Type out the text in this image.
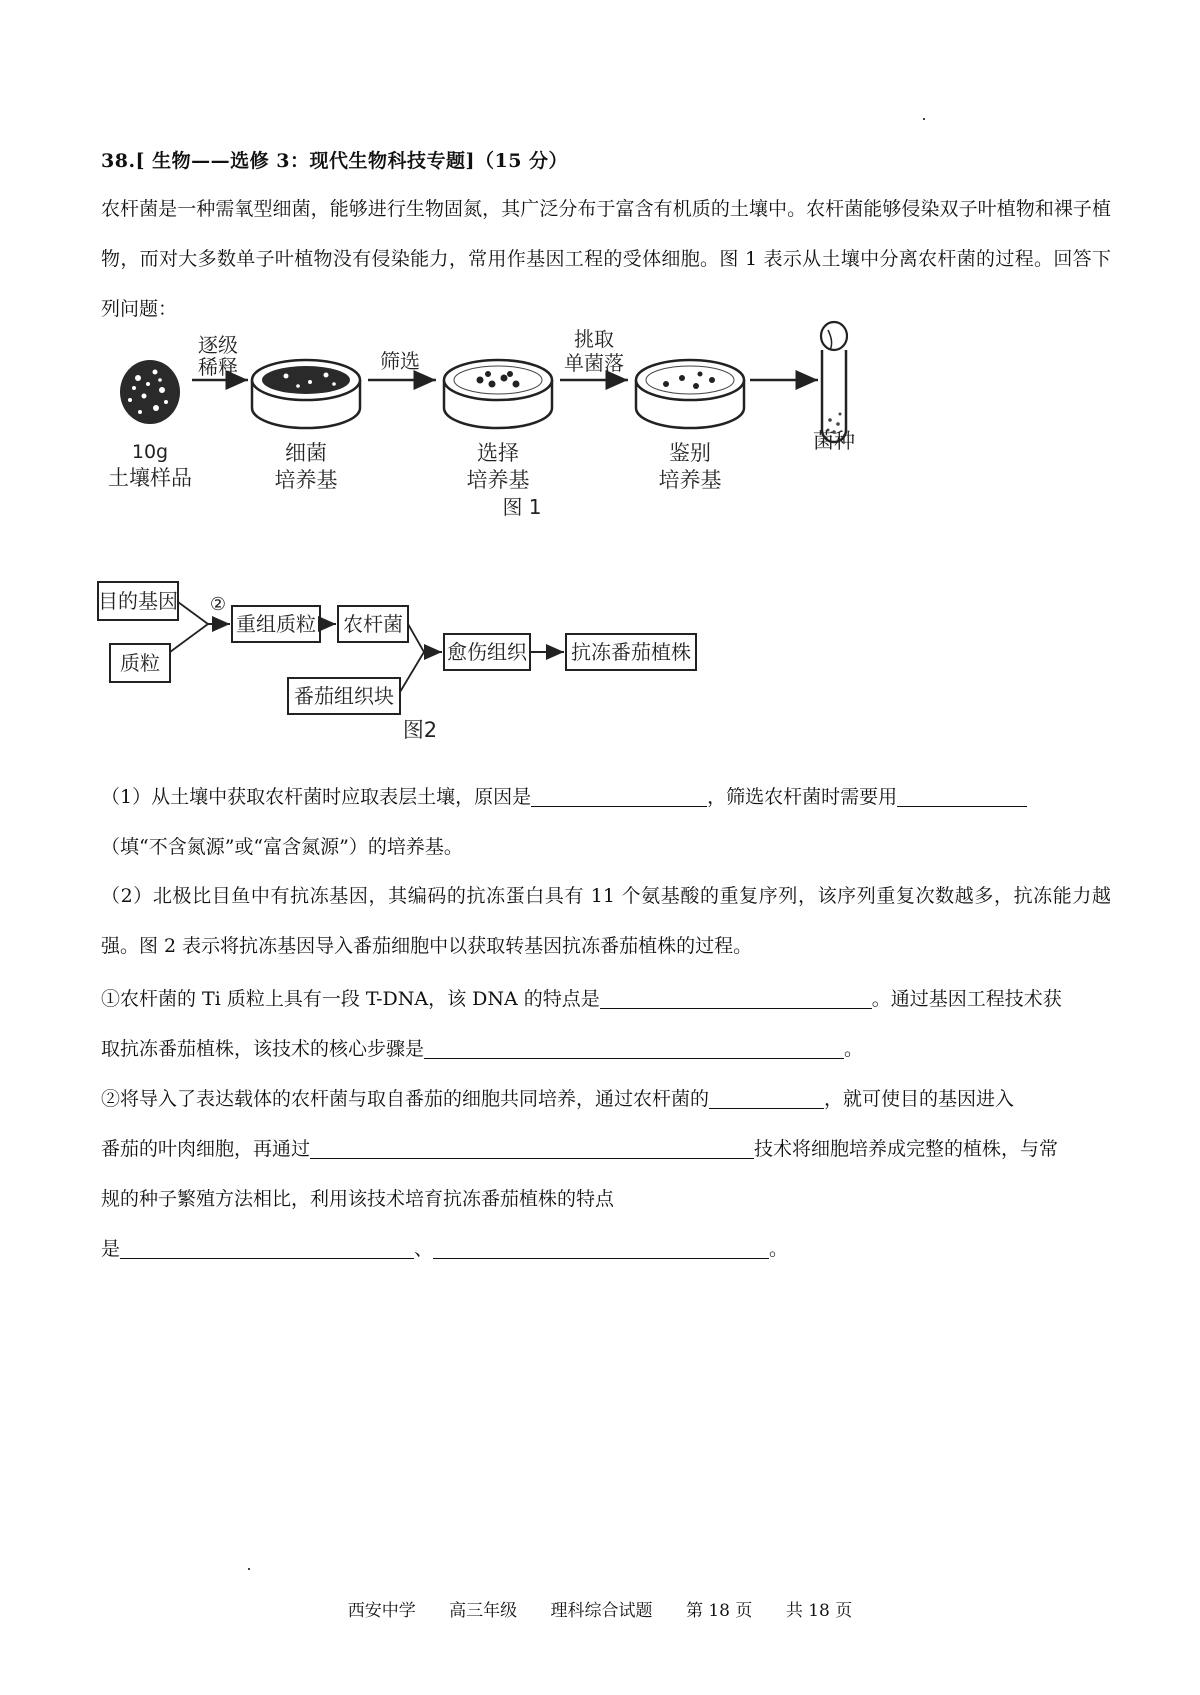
38.[ 生物——选修 3：现代生物科技专题]（15 分）
农杆菌是一种需氧型细菌，能够进行生物固氮，其广泛分布于富含有机质的土壤中。农杆菌能够侵染双子叶植物和裸子植物，而对大多数单子叶植物没有侵染能力，常用作基因工程的受体细胞。图 1 表示从土壤中分离农杆菌的过程。回答下列问题：
10g
土壤样品
逐级
稀释
细菌
培养基
筛选
选择
培养基
挑取
单菌落
鉴别
培养基
菌种
图 1
目的基因
质粒
②
重组质粒 农杆菌
番茄组织块
愈伤组织 抗冻番茄植株
图2
（1）从土壤中获取农杆菌时应取表层土壤，原因是	，筛选农杆菌时需要用
（填“不含氮源”或“富含氮源”）的培养基。
（2）北极比目鱼中有抗冻基因，其编码的抗冻蛋白具有 11 个氨基酸的重复序列，该序列重复次数越多，抗冻能力越强。图 2 表示将抗冻基因导入番茄细胞中以获取转基因抗冻番茄植株的过程。
①农杆菌的 Ti 质粒上具有一段 T-DNA，该 DNA 的特点是	。通过基因工程技术获
取抗冻番茄植株，该技术的核心步骤是	。
②将导入了表达载体的农杆菌与取自番茄的细胞共同培养，通过农杆菌的	，就可使目的基因进入
番茄的叶肉细胞，再通过	技术将细胞培养成完整的植株，与常
规的种子繁殖方法相比，利用该技术培育抗冻番茄植株的特点
是	、	。
西安中学 高三年级 理科综合试题 第 18 页 共 18 页
